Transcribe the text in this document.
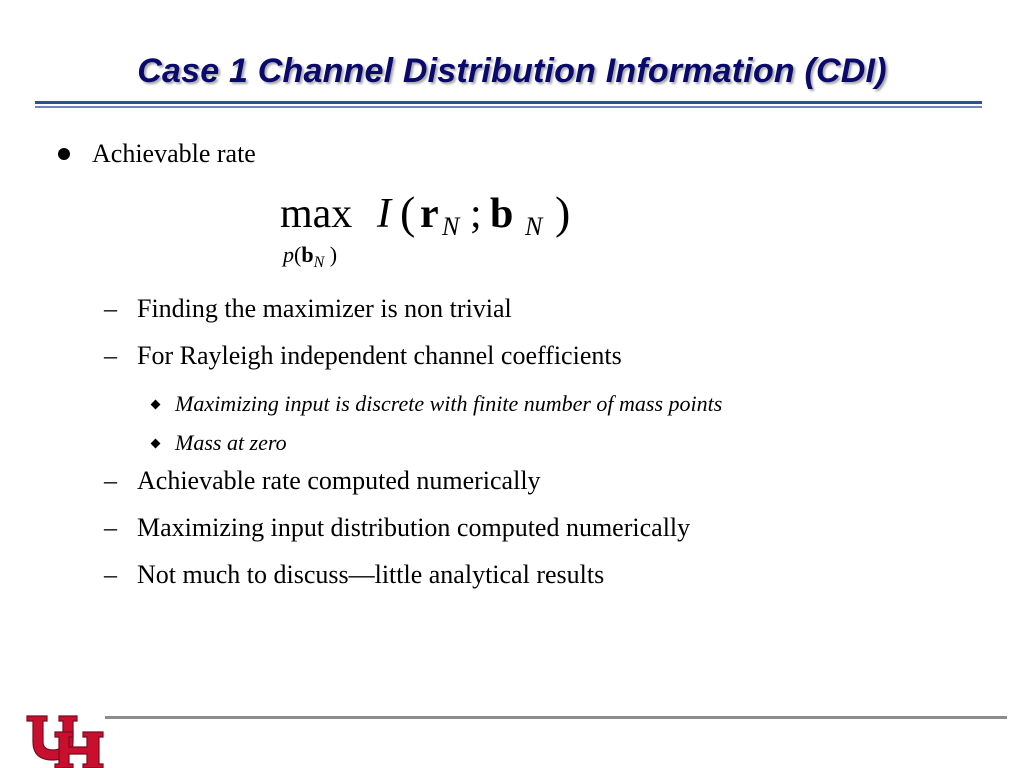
Case 1 Channel Distribution Information (CDI)
Achievable rate
max I ( r N ; b N )
$p(b_N$ )
– Finding the maximizer is non trivial
– For Rayleigh independent channel coefficients
Maximizing input is discrete with finite number of mass points
Mass at zero
– Achievable rate computed numerically
– Maximizing input distribution computed numerically
– Not much to discuss—little analytical results
